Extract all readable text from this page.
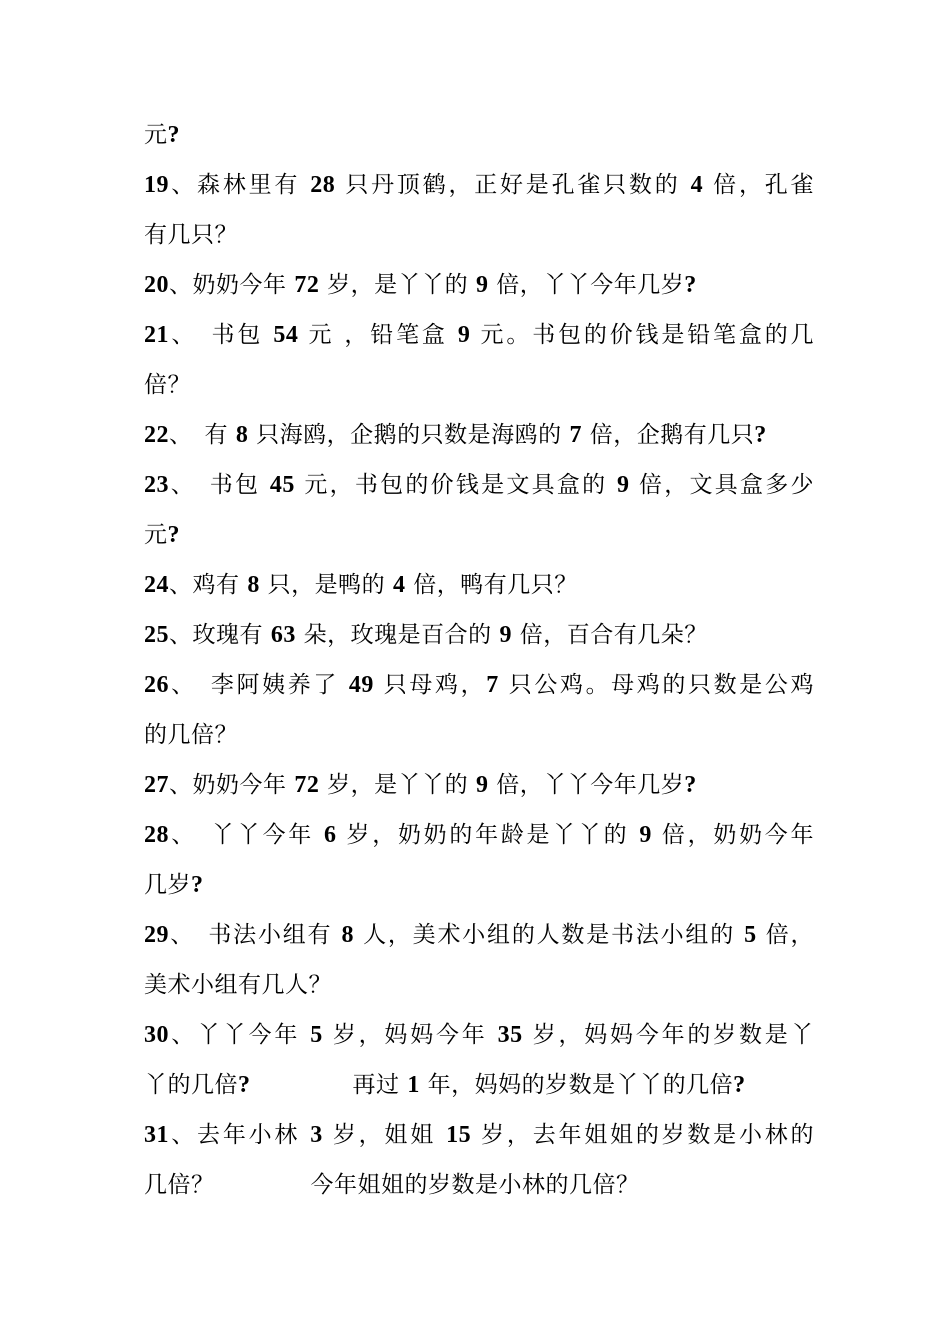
元?
19、森林里有 28 只丹顶鹤，正好是孔雀只数的 4 倍，孔雀
有几只？
20、奶奶今年 72 岁，是丫丫的 9 倍，丫丫今年几岁?
21、　书包 54 元 ，铅笔盒 9 元。书包的价钱是铅笔盒的几
倍？
22、　有 8 只海鸥，企鹅的只数是海鸥的 7 倍，企鹅有几只?
23、　书包 45 元，书包的价钱是文具盒的 9 倍，文具盒多少
元?
24、鸡有 8 只，是鸭的 4 倍，鸭有几只？
25、玫瑰有 63 朵，玫瑰是百合的 9 倍，百合有几朵？
26、　李阿姨养了 49 只母鸡，7 只公鸡。母鸡的只数是公鸡
的几倍？
27、奶奶今年 72 岁，是丫丫的 9 倍，丫丫今年几岁?
28、　丫丫今年 6 岁，奶奶的年龄是丫丫的 9 倍，奶奶今年
几岁?
29、　书法小组有 8 人，美术小组的人数是书法小组的 5 倍，
美术小组有几人？
30、丫丫今年 5 岁，妈妈今年 35 岁，妈妈今年的岁数是丫
丫的几倍?	再过 1 年，妈妈的岁数是丫丫的几倍?
31、去年小林 3 岁，姐姐 15 岁，去年姐姐的岁数是小林的
几倍？	今年姐姐的岁数是小林的几倍？
